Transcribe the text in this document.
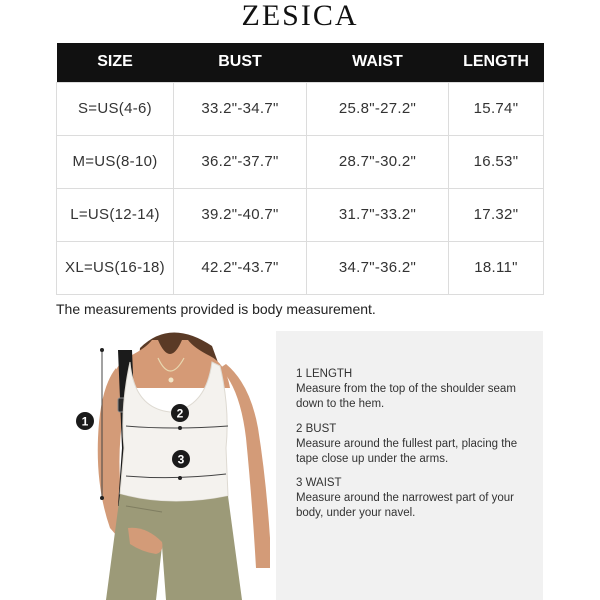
ZESICA
SIZE	BUST	WAIST	LENGTH
S=US(4-6)	33.2"-34.7"	25.8"-27.2"	15.74"
M=US(8-10)	36.2"-37.7"	28.7"-30.2"	16.53"
L=US(12-14)	39.2"-40.7"	31.7"-33.2"	17.32"
XL=US(16-18)	42.2"-43.7"	34.7"-36.2"	18.11"
The measurements provided is body measurement.
1
2
3
1 LENGTH
Measure from the top of the shoulder seam down to the hem.
2 BUST
Measure around the fullest part, placing the tape close up under the arms.
3 WAIST
Measure around the narrowest part of your body, under your navel.
